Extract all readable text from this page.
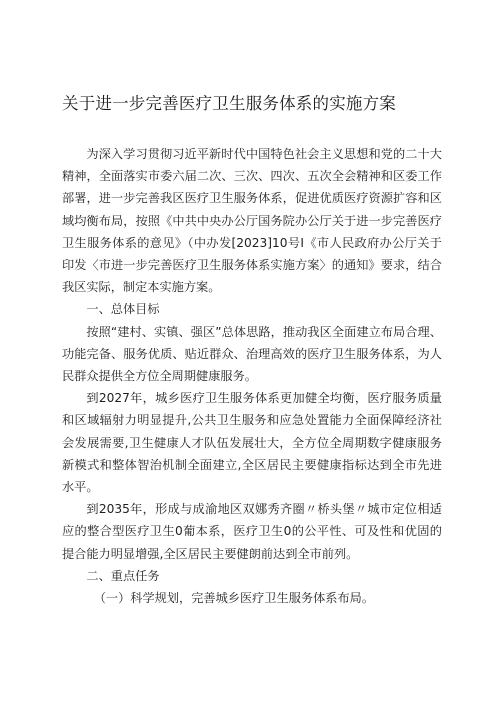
关于进一步完善医疗卫生服务体系的实施方案

为深入学习贯彻习近平新时代中国特色社会主义思想和党的二十大精神，全面落实市委六届二次、三次、四次、五次全会精神和区委工作部署，进一步完善我区医疗卫生服务体系，促进优质医疗资源扩容和区域均衡布局，按照《中共中央办公厅国务院办公厅关于进一步完善医疗卫生服务体系的意见》（中办发[2023]10号I《市人民政府办公厅关于印发〈市进一步完善医疗卫生服务体系实施方案〉的通知》要求，结合我区实际，制定本实施方案。

一、总体目标

按照“建村、实镇、强区”总体思路，推动我区全面建立布局合理、功能完备、服务优质、贴近群众、治理高效的医疗卫生服务体系，为人民群众提供全方位全周期健康服务。

到2027年，城乡医疗卫生服务体系更加健全均衡，医疗服务质量和区域辐射力明显提升,公共卫生服务和应急处置能力全面保障经济社会发展需要,卫生健康人才队伍发展壮大，全方位全周期数字健康服务新模式和整体智治机制全面建立,全区居民主要健康指标达到全市先进水平。

到2035年，形成与成渝地区双娜秀齐圈〃桥头堡〃城市定位相适应的整合型医疗卫生0葡本系，医疗卫生0的公平性、可及性和优固的提合能力明显增强,全区居民主要健朗前达到全市前列。

二、重点任务

（一）科学规划，完善城乡医疗卫生服务体系布局。
